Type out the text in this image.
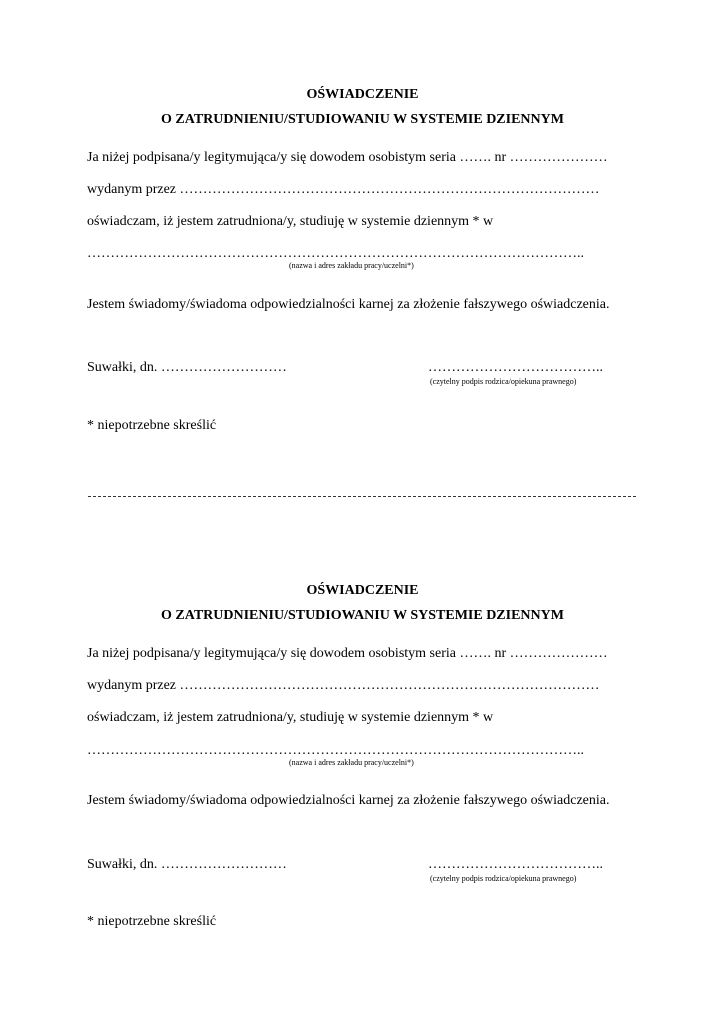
OŚWIADCZENIE
O ZATRUDNIENIU/STUDIOWANIU W SYSTEMIE DZIENNYM
Ja niżej podpisana/y legitymująca/y się dowodem osobistym seria ……. nr …………………
wydanym przez ………………………………………………………………………………
oświadczam, iż jestem zatrudniona/y, studiuję w systemie dziennym * w
……………………………………………………………………………………………..
(nazwa i adres zakładu pracy/uczelni*)
Jestem świadomy/świadoma odpowiedzialności karnej za złożenie fałszywego oświadczenia.
Suwałki, dn. ………………………	………………………………..
(czytelny podpis rodzica/opiekuna prawnego)
* niepotrzebne skreślić
OŚWIADCZENIE
O ZATRUDNIENIU/STUDIOWANIU W SYSTEMIE DZIENNYM
Ja niżej podpisana/y legitymująca/y się dowodem osobistym seria ……. nr …………………
wydanym przez ………………………………………………………………………………
oświadczam, iż jestem zatrudniona/y, studiuję w systemie dziennym * w
……………………………………………………………………………………………..
(nazwa i adres zakładu pracy/uczelni*)
Jestem świadomy/świadoma odpowiedzialności karnej za złożenie fałszywego oświadczenia.
Suwałki, dn. ………………………	………………………………..
(czytelny podpis rodzica/opiekuna prawnego)
* niepotrzebne skreślić
